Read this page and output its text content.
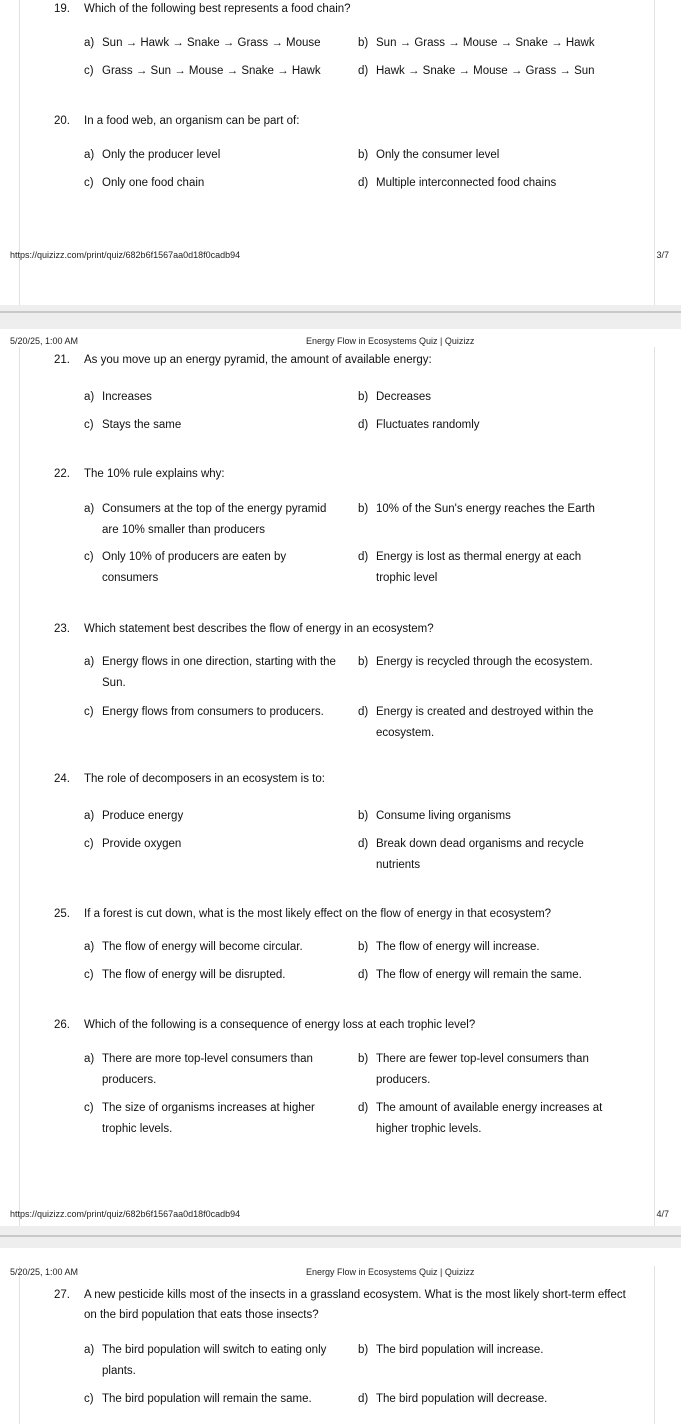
19. Which of the following best represents a food chain?
a) Sun → Hawk → Snake → Grass → Mouse	b) Sun → Grass → Mouse → Snake → Hawk
c) Grass → Sun → Mouse → Snake → Hawk	d) Hawk → Snake → Mouse → Grass → Sun
20. In a food web, an organism can be part of:
a) Only the producer level	b) Only the consumer level
c) Only one food chain	d) Multiple interconnected food chains
https://quizizz.com/print/quiz/682b6f1567aa0d18f0cadb94	3/7
5/20/25, 1:00 AM	Energy Flow in Ecosystems Quiz | Quizizz
21. As you move up an energy pyramid, the amount of available energy:
a) Increases	b) Decreases
c) Stays the same	d) Fluctuates randomly
22. The 10% rule explains why:
a) Consumers at the top of the energy pyramid are 10% smaller than producers
b) 10% of the Sun's energy reaches the Earth
c) Only 10% of producers are eaten by consumers
d) Energy is lost as thermal energy at each trophic level
23. Which statement best describes the flow of energy in an ecosystem?
a) Energy flows in one direction, starting with the Sun.
b) Energy is recycled through the ecosystem.
c) Energy flows from consumers to producers.	d) Energy is created and destroyed within the ecosystem.
24. The role of decomposers in an ecosystem is to:
a) Produce energy	b) Consume living organisms
c) Provide oxygen	d) Break down dead organisms and recycle nutrients
25. If a forest is cut down, what is the most likely effect on the flow of energy in that ecosystem?
a) The flow of energy will become circular.	b) The flow of energy will increase.
c) The flow of energy will be disrupted.	d) The flow of energy will remain the same.
26. Which of the following is a consequence of energy loss at each trophic level?
a) There are more top-level consumers than producers.
b) There are fewer top-level consumers than producers.
c) The size of organisms increases at higher trophic levels.
d) The amount of available energy increases at higher trophic levels.
https://quizizz.com/print/quiz/682b6f1567aa0d18f0cadb94	4/7
5/20/25, 1:00 AM	Energy Flow in Ecosystems Quiz | Quizizz
27. A new pesticide kills most of the insects in a grassland ecosystem. What is the most likely short-term effect on the bird population that eats those insects?
a) The bird population will switch to eating only plants.
b) The bird population will increase.
c) The bird population will remain the same.	d) The bird population will decrease.
